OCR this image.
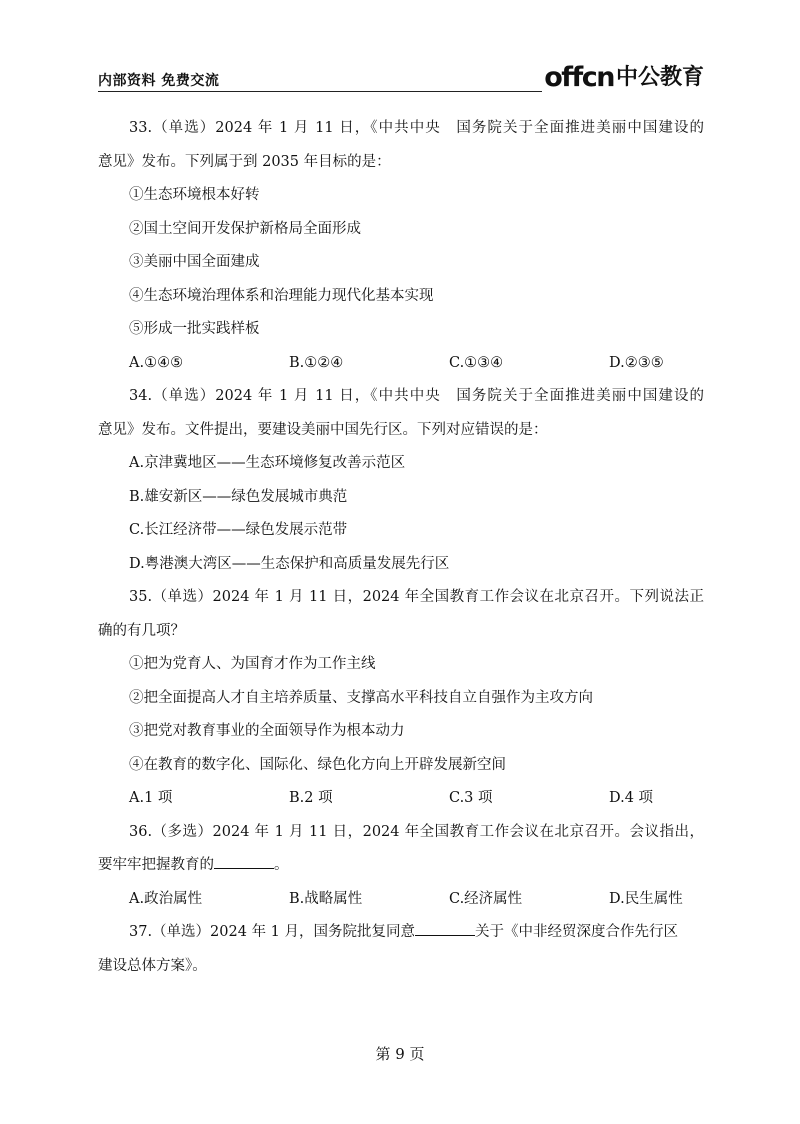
内部资料 免费交流	offcn 中公教育
33.（单选）2024 年 1 月 11 日，《中共中央　国务院关于全面推进美丽中国建设的
意见》发布。下列属于到 2035 年目标的是：
①生态环境根本好转
②国土空间开发保护新格局全面形成
③美丽中国全面建成
④生态环境治理体系和治理能力现代化基本实现
⑤形成一批实践样板
A.①④⑤	B.①②④	C.①③④	D.②③⑤
34.（单选）2024 年 1 月 11 日，《中共中央　国务院关于全面推进美丽中国建设的
意见》发布。文件提出，要建设美丽中国先行区。下列对应错误的是：
A.京津冀地区——生态环境修复改善示范区
B.雄安新区——绿色发展城市典范
C.长江经济带——绿色发展示范带
D.粤港澳大湾区——生态保护和高质量发展先行区
35.（单选）2024 年 1 月 11 日，2024 年全国教育工作会议在北京召开。下列说法正
确的有几项？
①把为党育人、为国育才作为工作主线
②把全面提高人才自主培养质量、支撑高水平科技自立自强作为主攻方向
③把党对教育事业的全面领导作为根本动力
④在教育的数字化、国际化、绿色化方向上开辟发展新空间
A.1 项	B.2 项	C.3 项	D.4 项
36.（多选）2024 年 1 月 11 日，2024 年全国教育工作会议在北京召开。会议指出，
要牢牢把握教育的	。
A.政治属性	B.战略属性	C.经济属性	D.民生属性
37.（单选）2024 年 1 月，国务院批复同意	关于《中非经贸深度合作先行区
建设总体方案》。
第 9 页
